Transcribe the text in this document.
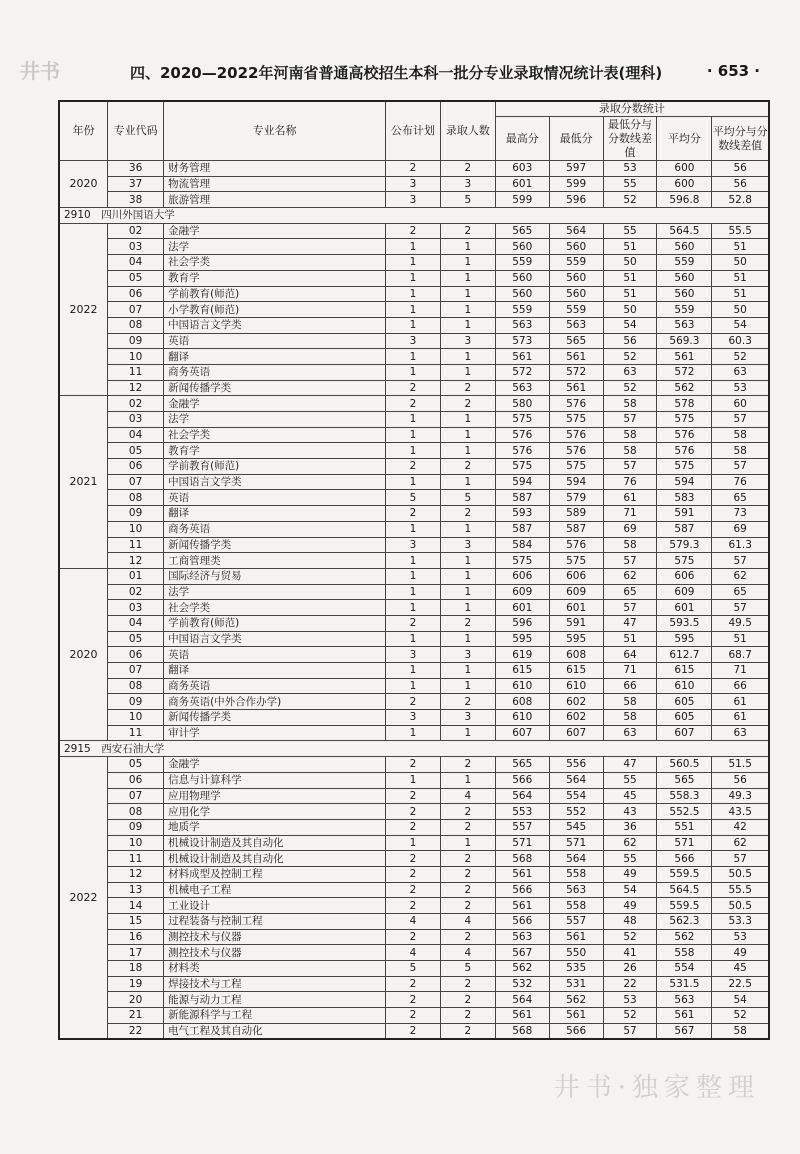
井书	四、2020—2022年河南省普通高校招生本科一批分专业录取情况统计表(理科)	· 653 ·
年份	专业代码	专业名称	公布计划	录取人数	录取分数统计				
					最高分	最低分	最低分与分数线差值	平均分	平均分与分数线差值
2020	36	财务管理	2	2	603	597	53	600	56
	37	物流管理	3	3	601	599	55	600	56
	38	旅游管理	3	5	599	596	52	596.8	52.8
2910　四川外国语大学									
2022	02	金融学	2	2	565	564	55	564.5	55.5
	03	法学	1	1	560	560	51	560	51
	04	社会学类	1	1	559	559	50	559	50
	05	教育学	1	1	560	560	51	560	51
	06	学前教育(师范)	1	1	560	560	51	560	51
	07	小学教育(师范)	1	1	559	559	50	559	50
	08	中国语言文学类	1	1	563	563	54	563	54
	09	英语	3	3	573	565	56	569.3	60.3
	10	翻译	1	1	561	561	52	561	52
	11	商务英语	1	1	572	572	63	572	63
	12	新闻传播学类	2	2	563	561	52	562	53
2021	02	金融学	2	2	580	576	58	578	60
	03	法学	1	1	575	575	57	575	57
	04	社会学类	1	1	576	576	58	576	58
	05	教育学	1	1	576	576	58	576	58
	06	学前教育(师范)	2	2	575	575	57	575	57
	07	中国语言文学类	1	1	594	594	76	594	76
	08	英语	5	5	587	579	61	583	65
	09	翻译	2	2	593	589	71	591	73
	10	商务英语	1	1	587	587	69	587	69
	11	新闻传播学类	3	3	584	576	58	579.3	61.3
	12	工商管理类	1	1	575	575	57	575	57
2020	01	国际经济与贸易	1	1	606	606	62	606	62
	02	法学	1	1	609	609	65	609	65
	03	社会学类	1	1	601	601	57	601	57
	04	学前教育(师范)	2	2	596	591	47	593.5	49.5
	05	中国语言文学类	1	1	595	595	51	595	51
	06	英语	3	3	619	608	64	612.7	68.7
	07	翻译	1	1	615	615	71	615	71
	08	商务英语	1	1	610	610	66	610	66
	09	商务英语(中外合作办学)	2	2	608	602	58	605	61
	10	新闻传播学类	3	3	610	602	58	605	61
	11	审计学	1	1	607	607	63	607	63
2915　西安石油大学									
2022	05	金融学	2	2	565	556	47	560.5	51.5
	06	信息与计算科学	1	1	566	564	55	565	56
	07	应用物理学	2	4	564	554	45	558.3	49.3
	08	应用化学	2	2	553	552	43	552.5	43.5
	09	地质学	2	2	557	545	36	551	42
	10	机械设计制造及其自动化	1	1	571	571	62	571	62
	11	机械设计制造及其自动化	2	2	568	564	55	566	57
	12	材料成型及控制工程	2	2	561	558	49	559.5	50.5
	13	机械电子工程	2	2	566	563	54	564.5	55.5
	14	工业设计	2	2	561	558	49	559.5	50.5
	15	过程装备与控制工程	4	4	566	557	48	562.3	53.3
	16	测控技术与仪器	2	2	563	561	52	562	53
	17	测控技术与仪器	4	4	567	550	41	558	49
	18	材料类	5	5	562	535	26	554	45
	19	焊接技术与工程	2	2	532	531	22	531.5	22.5
	20	能源与动力工程	2	2	564	562	53	563	54
	21	新能源科学与工程	2	2	561	561	52	561	52
	22	电气工程及其自动化	2	2	568	566	57	567	58
井书·独家整理
